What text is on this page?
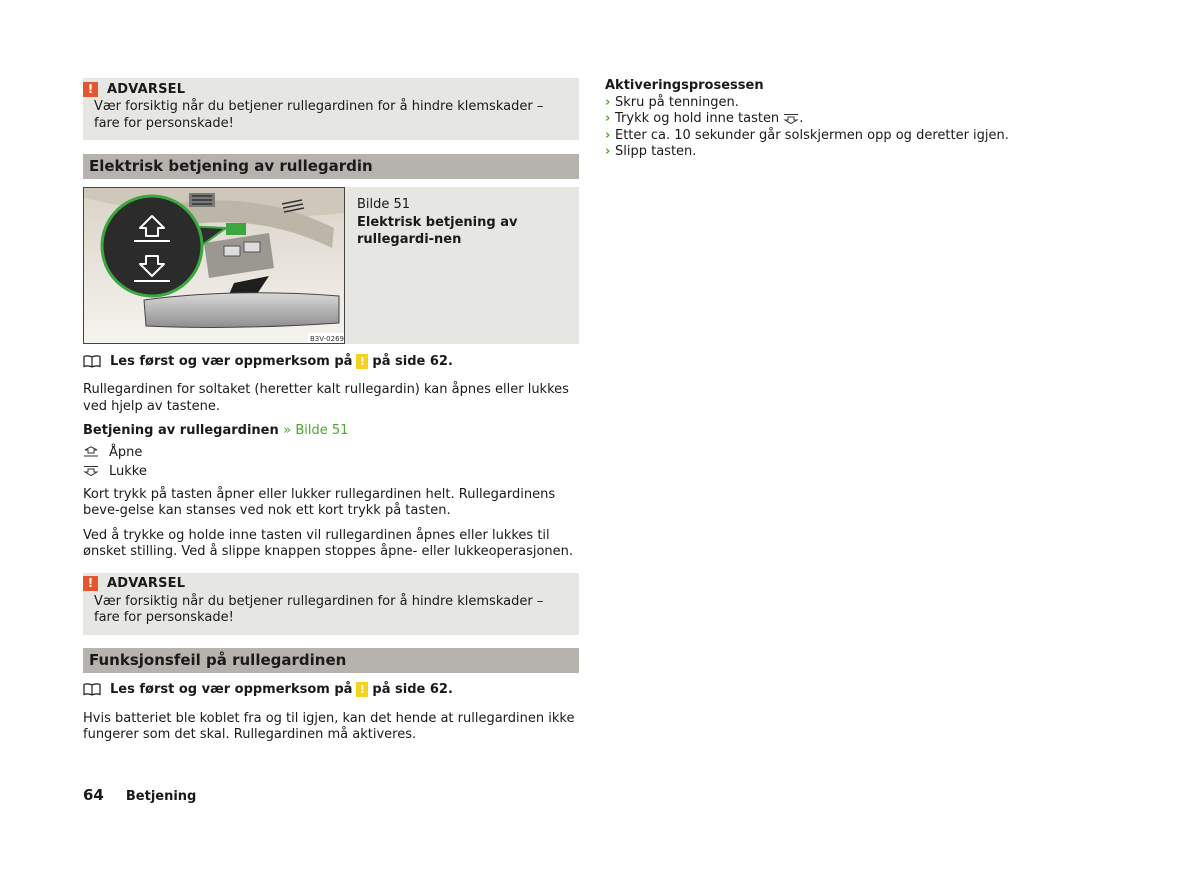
!	ADVARSEL

Vær forsiktig når du betjener rullegardinen for å hindre klemskader – fare for personskade!

Elektrisk betjening av rullegardin
B3V-0269

Bilde 51

Elektrisk betjening av rullegardi-nen

Les først og vær oppmerksom på ! på side 62.

Rullegardinen for soltaket (heretter kalt rullegardin) kan åpnes eller lukkes ved hjelp av tastene.

Betjening av rullegardinen » Bilde 51

Åpne
Lukke

Kort trykk på tasten åpner eller lukker rullegardinen helt. Rullegardinens beve-gelse kan stanses ved nok ett kort trykk på tasten.

Ved å trykke og holde inne tasten vil rullegardinen åpnes eller lukkes til ønsket stilling. Ved å slippe knappen stoppes åpne- eller lukkeoperasjonen.

!	ADVARSEL

Vær forsiktig når du betjener rullegardinen for å hindre klemskader – fare for personskade!

Funksjonsfeil på rullegardinen
Les først og vær oppmerksom på ! på side 62.

Hvis batteriet ble koblet fra og til igjen, kan det hende at rullegardinen ikke fungerer som det skal. Rullegardinen må aktiveres.

Aktiveringsprosessen

› Skru på tenningen.
› Trykk og hold inne tasten .
› Etter ca. 10 sekunder går solskjermen opp og deretter igjen.
› Slipp tasten.
64 Betjening
